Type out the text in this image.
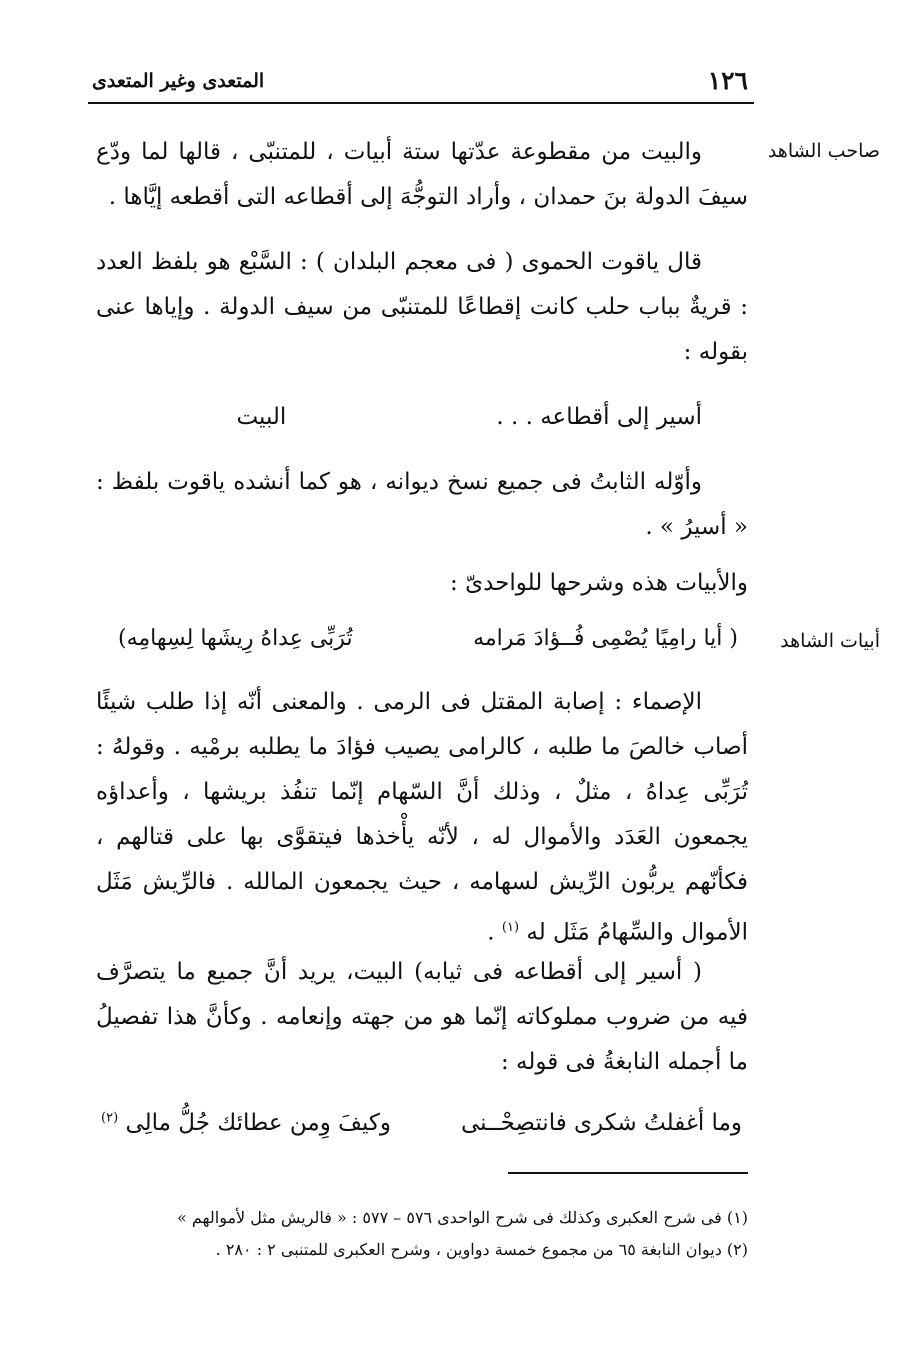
١٢٦
المتعدى وغير المتعدى
صاحب الشاهد
أبيات الشاهد
والبيت من مقطوعة عدّتها ستة أبيات ، للمتنبّى ، قالها لما ودّع سيفَ الدولة بنَ حمدان ، وأراد التوجُّهَ إلى أقطاعه التى أقطعه إيَّاها .
قال ياقوت الحموى ( فى معجم البلدان ) : السَّبْع هو بلفظ العدد : قريةٌ بباب حلب كانت إقطاعًا للمتنبّى من سيف الدولة . وإياها عنى بقوله :
أسير إلى أقطاعه . . .
البيت
وأوّله الثابتُ فى جميع نسخ ديوانه ، هو كما أنشده ياقوت بلفظ : « أسيرُ » .
والأبيات هذه وشرحها للواحدىّ :
( أيا رامِيًا يُصْمِى فُــؤادَ مَرامه
تُرَبِّى عِداهُ رِيشَها لِسِهامِه)
الإصماء : إصابة المقتل فى الرمى . والمعنى أنّه إذا طلب شيئًا أصاب خالصَ ما طلبه ، كالرامى يصيب فؤادَ ما يطلبه برمْيه . وقولهُ : تُرَبِّى عِداهُ ، مثلٌ ، وذلك أنَّ السّهام إنّما تنفُذ بريشها ، وأعداؤه يجمعون العَدَد والأموال له ، لأنّه يأْخذها فيتقوَّى بها على قتالهم ، فكأنّهم يربُّون الرِّيش لسهامه ، حيث يجمعون المالله . فالرِّيش مَثَل الأموال والسِّهامُ مَثَل له $^{(١)}$ .
( أسير إلى أقطاعه فى ثيابه) البيت، يريد أنَّ جميع ما يتصرَّف فيه من ضروب مملوكاته إنّما هو من جهته وإنعامه . وكأنَّ هذا تفصيلُ ما أجمله النابغةُ فى قوله :
وما أغفلتُ شكرى فانتصِحْــنى
وكيفَ وِمن عطائك جُلُّ مالِى $^{(٢)}$
(١) فى شرح العكبرى وكذلك فى شرح الواحدى ٥٧٦ – ٥٧٧ : « فالريش مثل لأموالهم »
(٢) ديوان النابغة ٦٥ من مجموع خمسة دواوين ، وشرح العكبرى للمتنبى ٢ : ٢٨٠ .
